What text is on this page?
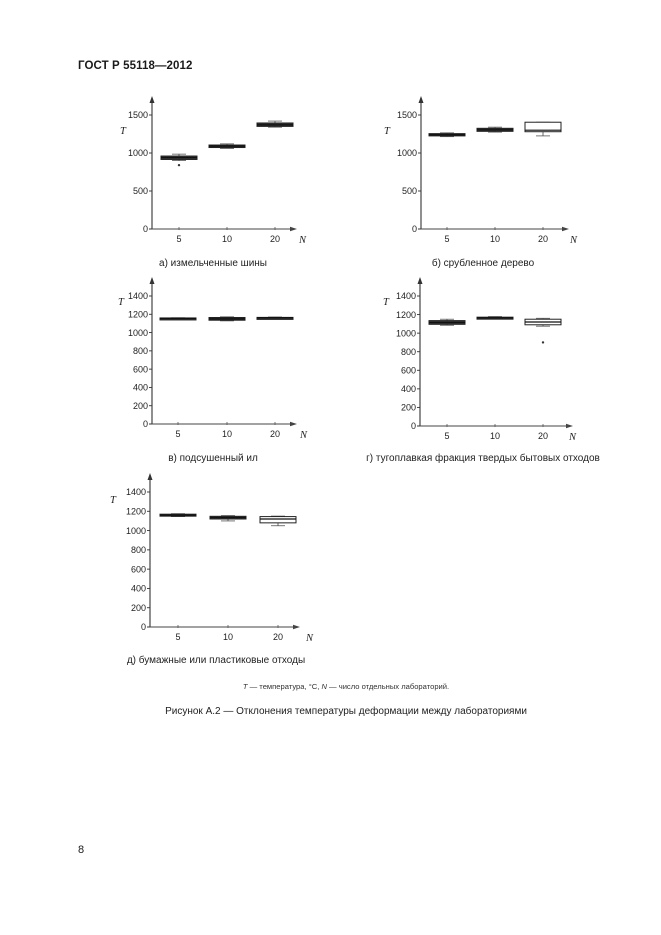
ГОСТ Р 55118—2012
0
500
1000
1500
T
N
5	10	20
а) измельченные шины
0
500
1000
1500
T
N
5	10	20
б) срубленное дерево
0
200
400
600
800
1000
1200
1400
T
N
5	10	20
в) подсушенный ил
0
200
400
600
800
1000
1200
1400
T
N
5	10	20
г) тугоплавкая фракция твердых бытовых отходов
0
200
400
600
800
1000
1200
1400
T
N
5	10	20
д) бумажные или пластиковые отходы
T — температура, °С, N — число отдельных лабораторий.
Рисунок А.2 — Отклонения температуры деформации между лабораториями
8
